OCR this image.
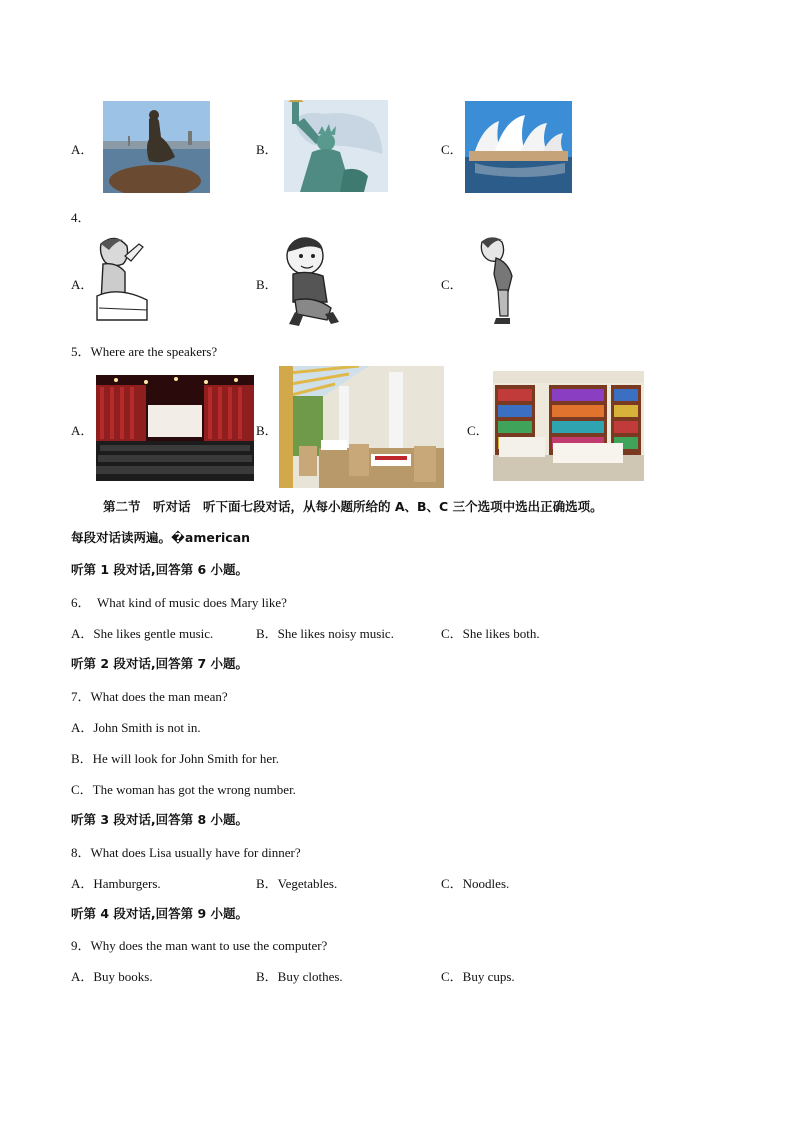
A．	B．	C．
4．
A．	B．	C．
5．Where are the speakers?
A．	B．	C．
第二节　听对话　听下面七段对话，从每小题所给的 A、B、C 三个选项中选出正确选项。
每段对话读两遍。�american
听第 1 段对话,回答第 6 小题。
6．　What kind of music does Mary like?
A．She likes gentle music.	B．She likes noisy music.	C．She likes both.
听第 2 段对话,回答第 7 小题。
7．What does the man mean?
A．John Smith is not in.
B．He will look for John Smith for her.
C．The woman has got the wrong number.
听第 3 段对话,回答第 8 小题。
8．What does Lisa usually have for dinner?
A．Hamburgers.	B．Vegetables.	C．Noodles.
听第 4 段对话,回答第 9 小题。
9．Why does the man want to use the computer?
A．Buy books.	B．Buy clothes.	C．Buy cups.
